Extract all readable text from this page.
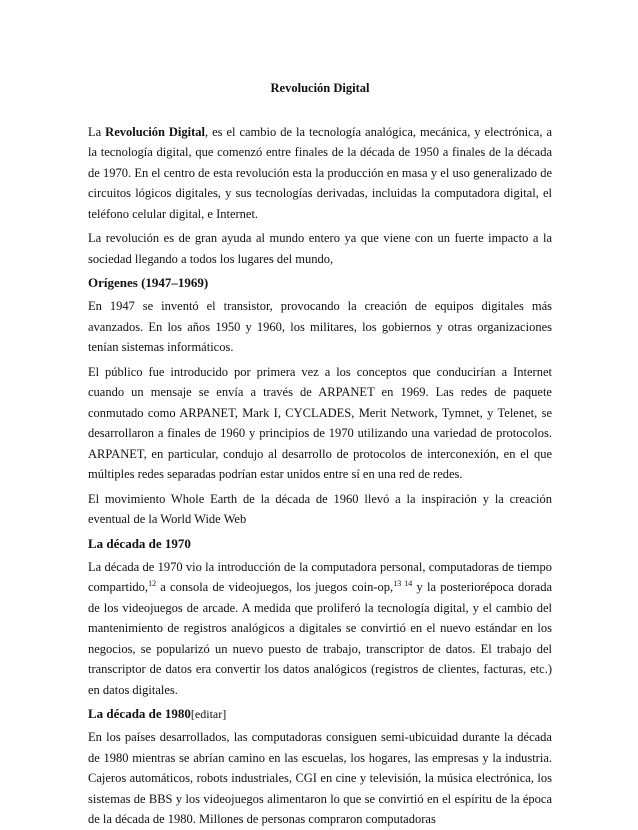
Revolución Digital

La Revolución Digital, es el cambio de la tecnología analógica, mecánica, y electrónica, a la tecnología digital, que comenzó entre finales de la década de 1950 a finales de la década de 1970. En el centro de esta revolución esta la producción en masa y el uso generalizado de circuitos lógicos digitales, y sus tecnologías derivadas, incluidas la computadora digital, el teléfono celular digital, e Internet.

La revolución es de gran ayuda al mundo entero ya que viene con un fuerte impacto a la sociedad llegando a todos los lugares del mundo,

Orígenes (1947–1969)

En 1947 se inventó el transistor, provocando la creación de equipos digitales más avanzados. En los años 1950 y 1960, los militares, los gobiernos y otras organizaciones tenían sistemas informáticos.

El público fue introducido por primera vez a los conceptos que conducirían a Internet cuando un mensaje se envía a través de ARPANET en 1969. Las redes de paquete conmutado como ARPANET, Mark I, CYCLADES, Merit Network, Tymnet, y Telenet, se desarrollaron a finales de 1960 y principios de 1970 utilizando una variedad de protocolos. ARPANET, en particular, condujo al desarrollo de protocolos de interconexión, en el que múltiples redes separadas podrían estar unidos entre sí en una red de redes.

El movimiento Whole Earth de la década de 1960 llevó a la inspiración y la creación eventual de la World Wide Web

La década de 1970

La década de 1970 vio la introducción de la computadora personal, computadoras de tiempo compartido,$^{12}$ a consola de videojuegos, los juegos coin-op,$^{13 14}$ y la posteriorépoca dorada de los videojuegos de arcade. A medida que proliferó la tecnología digital, y el cambio del mantenimiento de registros analógicos a digitales se convirtió en el nuevo estándar en los negocios, se popularizó un nuevo puesto de trabajo, transcriptor de datos. El trabajo del transcriptor de datos era convertir los datos analógicos (registros de clientes, facturas, etc.) en datos digitales.

La década de 1980[editar]

En los países desarrollados, las computadoras consiguen semi-ubicuidad durante la década de 1980 mientras se abrían camino en las escuelas, los hogares, las empresas y la industria. Cajeros automáticos, robots industriales, CGI en cine y televisión, la música electrónica, los sistemas de BBS y los videojuegos alimentaron lo que se convirtió en el espíritu de la época de la década de 1980. Millones de personas compraron computadoras
